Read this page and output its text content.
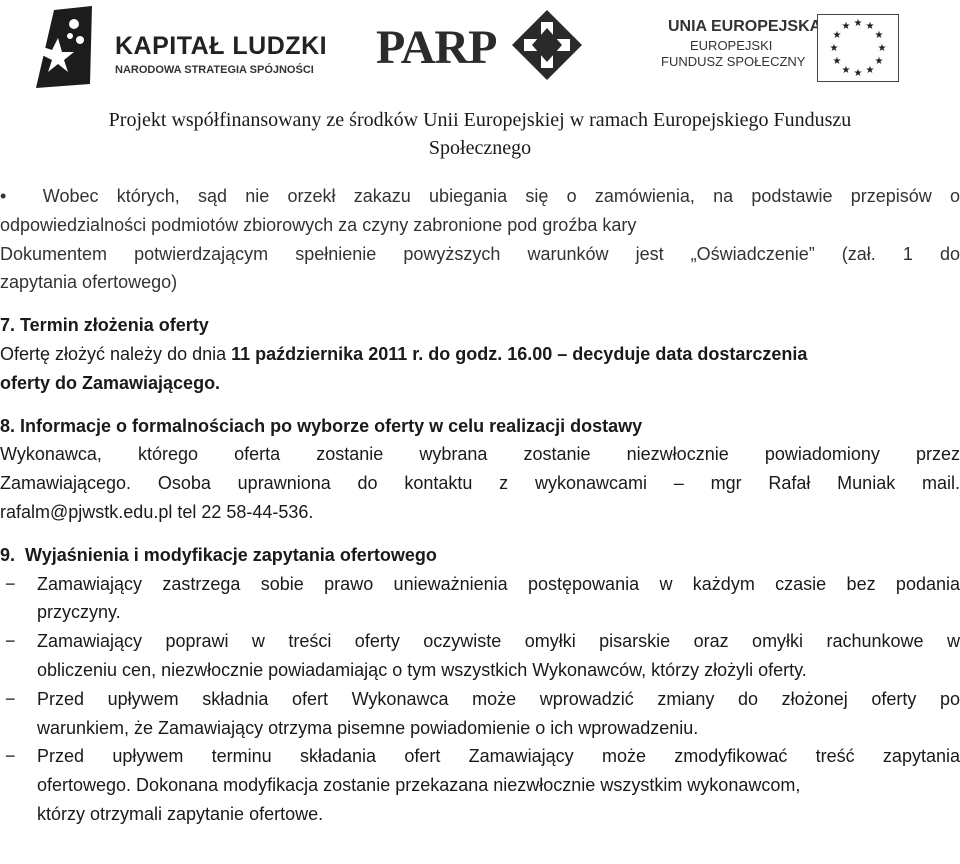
KAPITAŁ LUDZKI
NARODOWA STRATEGIA SPÓJNOŚCI PARP	UNIA EUROPEJSKA
EUROPEJSKI
FUNDUSZ SPOŁECZNY
★ ★
★
★
★
★
★
★
★
★
★
★
Projekt współfinansowany ze środków Unii Europejskiej w ramach Europejskiego Funduszu
Społecznego
• Wobec których, sąd nie orzekł zakazu ubiegania się o zamówienia, na podstawie przepisów o
odpowiedzialności podmiotów zbiorowych za czyny zabronione pod groźba kary
Dokumentem potwierdzającym spełnienie powyższych warunków jest „Oświadczenie” (zał. 1 do
zapytania ofertowego)
7. Termin złożenia oferty
Ofertę złożyć należy do dnia 11 października 2011 r. do godz. 16.00 – decyduje data dostarczenia
oferty do Zamawiającego.
8. Informacje o formalnościach po wyborze oferty w celu realizacji dostawy
Wykonawca, którego oferta zostanie wybrana zostanie niezwłocznie powiadomiony przez
Zamawiającego. Osoba uprawniona do kontaktu z wykonawcami – mgr Rafał Muniak mail.
rafalm@pjwstk.edu.pl tel 22 58-44-536.
9. Wyjaśnienia i modyfikacje zapytania ofertowego
− Zamawiający zastrzega sobie prawo unieważnienia postępowania w każdym czasie bez podania
przyczyny.
− Zamawiający poprawi w treści oferty oczywiste omyłki pisarskie oraz omyłki rachunkowe w
obliczeniu cen, niezwłocznie powiadamiając o tym wszystkich Wykonawców, którzy złożyli oferty.
− Przed upływem składnia ofert Wykonawca może wprowadzić zmiany do złożonej oferty po
warunkiem, że Zamawiający otrzyma pisemne powiadomienie o ich wprowadzeniu.
− Przed upływem terminu składania ofert Zamawiający może zmodyfikować treść zapytania
ofertowego. Dokonana modyfikacja zostanie przekazana niezwłocznie wszystkim wykonawcom,
którzy otrzymali zapytanie ofertowe.
